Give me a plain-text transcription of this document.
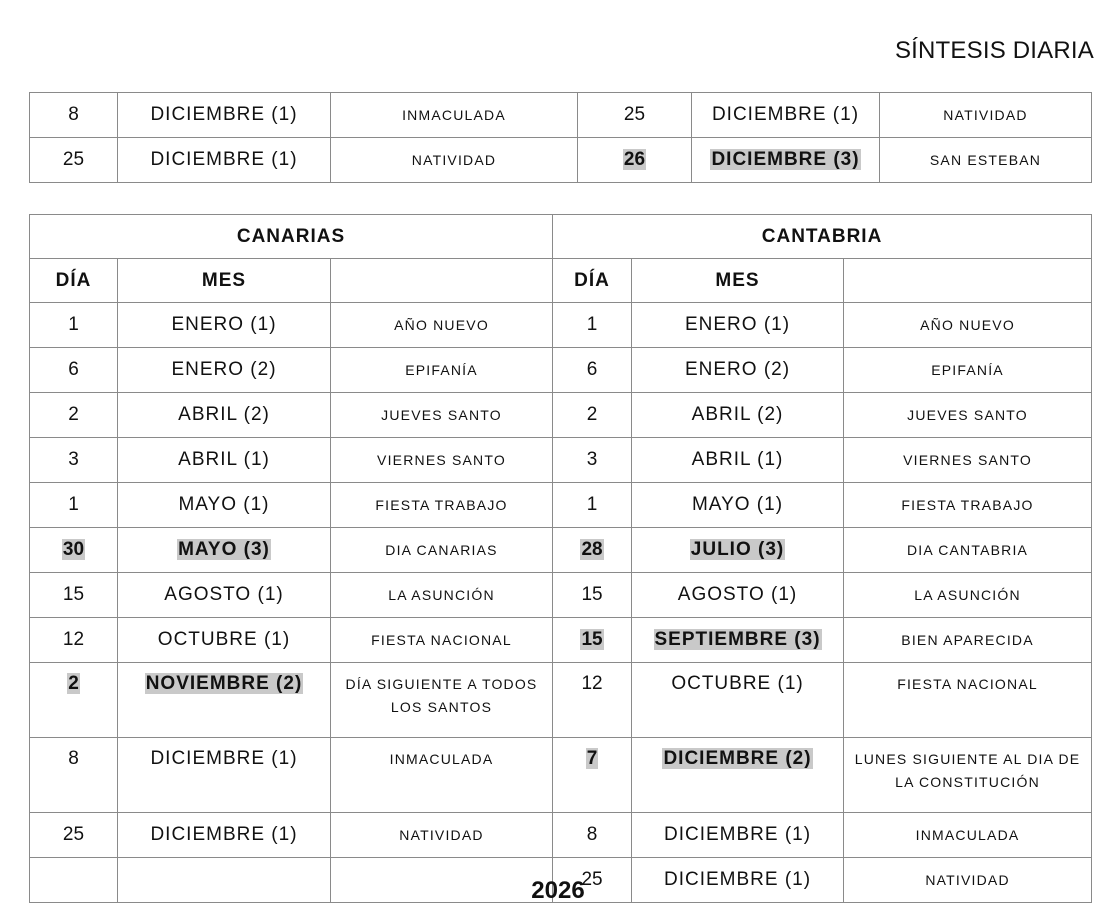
SÍNTESIS DIARIA
8	DICIEMBRE (1)	INMACULADA	25	DICIEMBRE (1)	NATIVIDAD
25	DICIEMBRE (1)	NATIVIDAD	26	DICIEMBRE (3)	SAN ESTEBAN
CANARIAS			CANTABRIA		
DÍA	MES		DÍA	MES	
1	ENERO (1)	AÑO NUEVO	1	ENERO (1)	AÑO NUEVO
6	ENERO (2)	EPIFANÍA	6	ENERO (2)	EPIFANÍA
2	ABRIL (2)	JUEVES SANTO	2	ABRIL (2)	JUEVES SANTO
3	ABRIL (1)	VIERNES SANTO	3	ABRIL (1)	VIERNES SANTO
1	MAYO (1)	FIESTA TRABAJO	1	MAYO (1)	FIESTA TRABAJO
30	MAYO (3)	DIA CANARIAS	28	JULIO (3)	DIA CANTABRIA
15	AGOSTO (1)	LA ASUNCIÓN	15	AGOSTO (1)	LA ASUNCIÓN
12	OCTUBRE (1)	FIESTA NACIONAL	15	SEPTIEMBRE (3)	BIEN APARECIDA
2	NOVIEMBRE (2)	DÍA SIGUIENTE A TODOS LOS SANTOS	12	OCTUBRE (1)	FIESTA NACIONAL
8	DICIEMBRE (1)	INMACULADA	7	DICIEMBRE (2)	LUNES SIGUIENTE AL DIA DE LA CONSTITUCIÓN
25	DICIEMBRE (1)	NATIVIDAD	8	DICIEMBRE (1)	INMACULADA
			25	DICIEMBRE (1)	NATIVIDAD
2026
